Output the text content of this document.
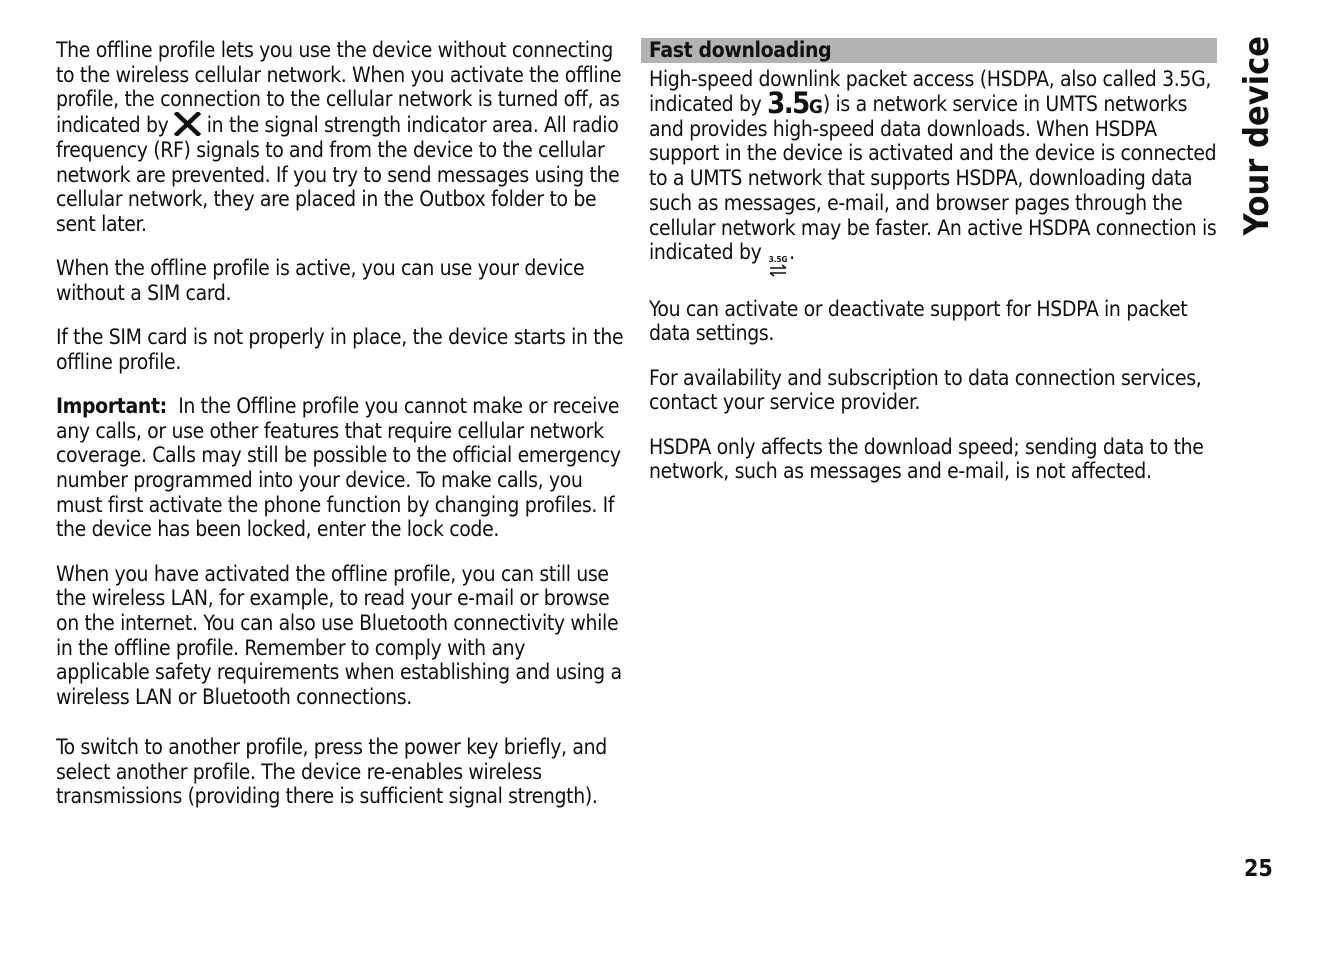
The offline profile lets you use the device without connecting to the wireless cellular network. When you activate the offline profile, the connection to the cellular network is turned off, as indicated by in the signal strength indicator area. All radio frequency (RF) signals to and from the device to the cellular network are prevented. If you try to send messages using the cellular network, they are placed in the Outbox folder to be sent later.

When the offline profile is active, you can use your device without a SIM card.

If the SIM card is not properly in place, the device starts in the offline profile.

Important: In the Offline profile you cannot make or receive any calls, or use other features that require cellular network coverage. Calls may still be possible to the official emergency number programmed into your device. To make calls, you must first activate the phone function by changing profiles. If the device has been locked, enter the lock code.

When you have activated the offline profile, you can still use the wireless LAN, for example, to read your e-mail or browse on the internet. You can also use Bluetooth connectivity while in the offline profile. Remember to comply with any applicable safety requirements when establishing and using a wireless LAN or Bluetooth connections.

To switch to another profile, press the power key briefly, and select another profile. The device re-enables wireless transmissions (providing there is sufficient signal strength).

Fast downloading

High-speed downlink packet access (HSDPA, also called 3.5G, indicated by 3.5G) is a network service in UMTS networks and provides high-speed data downloads. When HSDPA support in the device is activated and the device is connected to a UMTS network that supports HSDPA, downloading data such as messages, e-mail, and browser pages through the cellular network may be faster. An active HSDPA connection is indicated by 3.5G .

You can activate or deactivate support for HSDPA in packet data settings.

For availability and subscription to data connection services, contact your service provider.

HSDPA only affects the download speed; sending data to the network, such as messages and e-mail, is not affected.

Your device
25
